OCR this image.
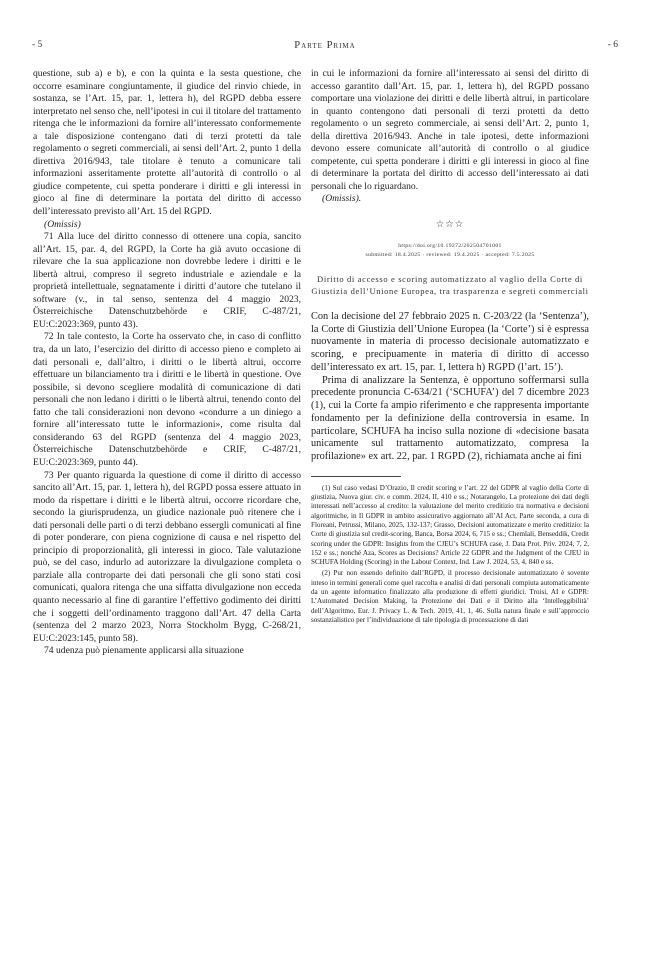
- 5	Parte Prima	- 6

questione, sub a) e b), e con la quinta e la sesta questione, che occorre esaminare congiuntamente, il giudice del rinvio chiede, in sostanza, se l’Art. 15, par. 1, lettera h), del RGPD debba essere interpretato nel senso che, nell’ipotesi in cui il titolare del trattamento ritenga che le informazioni da fornire all’interessato conformemente a tale disposizione contengano dati di terzi protetti da tale regolamento o segreti commerciali, ai sensi dell’Art. 2, punto 1 della direttiva 2016/943, tale titolare è tenuto a comunicare tali informazioni asseritamente protette all’autorità di controllo o al giudice competente, cui spetta ponderare i diritti e gli interessi in gioco al fine di determinare la portata del diritto di accesso dell’interessato previsto all’Art. 15 del RGPD.

(Omissis)

71 Alla luce del diritto connesso di ottenere una copia, sancito all’Art. 15, par. 4, del RGPD, la Corte ha già avuto occasione di rilevare che la sua applicazione non dovrebbe ledere i diritti e le libertà altrui, compreso il segreto industriale e aziendale e la proprietà intellettuale, segnatamente i diritti d’autore che tutelano il software (v., in tal senso, sentenza del 4 maggio 2023, Österreichische Datenschutzbehörde e CRIF, C-487/21, EU:C:2023:369, punto 43).

72 In tale contesto, la Corte ha osservato che, in caso di conflitto tra, da un lato, l’esercizio del diritto di accesso pieno e completo ai dati personali e, dall’altro, i diritti o le libertà altrui, occorre effettuare un bilanciamento tra i diritti e le libertà in questione. Ove possibile, si devono scegliere modalità di comunicazione di dati personali che non ledano i diritti o le libertà altrui, tenendo conto del fatto che tali considerazioni non devono «condurre a un diniego a fornire all’interessato tutte le informazioni», come risulta dal considerando 63 del RGPD (sentenza del 4 maggio 2023, Österreichische Datenschutzbehörde e CRIF, C-487/21, EU:C:2023:369, punto 44).

73 Per quanto riguarda la questione di come il diritto di accesso sancito all’Art. 15, par. 1, lettera h), del RGPD possa essere attuato in modo da rispettare i diritti e le libertà altrui, occorre ricordare che, secondo la giurisprudenza, un giudice nazionale può ritenere che i dati personali delle parti o di terzi debbano essergli comunicati al fine di poter ponderare, con piena cognizione di causa e nel rispetto del principio di proporzionalità, gli interessi in gioco. Tale valutazione può, se del caso, indurlo ad autorizzare la divulgazione completa o parziale alla controparte dei dati personali che gli sono stati così comunicati, qualora ritenga che una siffatta divulgazione non ecceda quanto necessario al fine di garantire l’effettivo godimento dei diritti che i soggetti dell’ordinamento traggono dall’Art. 47 della Carta (sentenza del 2 marzo 2023, Norra Stockholm Bygg, C-268/21, EU:C:2023:145, punto 58).

74 udenza può pienamente applicarsi alla situazione

in cui le informazioni da fornire all’interessato ai sensi del diritto di accesso garantito dall’Art. 15, par. 1, lettera h), del RGPD possano comportare una violazione dei diritti e delle libertà altrui, in particolare in quanto contengono dati personali di terzi protetti da detto regolamento o un segreto commerciale, ai sensi dell’Art. 2, punto 1, della direttiva 2016/943. Anche in tale ipotesi, dette informazioni devono essere comunicate all’autorità di controllo o al giudice competente, cui spetta ponderare i diritti e gli interessi in gioco al fine di determinare la portata del diritto di accesso dell’interessato ai dati personali che lo riguardano.

(Omissis).

☆☆☆
https://doi.org/10.19272/202504701001
submitted: 18.4.2025 · reviewed: 19.4.2025 · accepted: 7.5.2025
Diritto di accesso e scoring automatizzato al vaglio della Corte di Giustizia dell’Unione Europea, tra trasparenza e segreti commerciali

Con la decisione del 27 febbraio 2025 n. C-203/22 (la ‘Sentenza’), la Corte di Giustizia dell’Unione Europea (la ‘Corte’) si è espressa nuovamente in materia di processo decisionale automatizzato e scoring, e precipuamente in materia di diritto di accesso dell’interessato ex art. 15, par. 1, lettera h) RGPD (l’art. 15’).

Prima di analizzare la Sentenza, è opportuno soffermarsi sulla precedente pronuncia C-634/21 (‘SCHUFA’) del 7 dicembre 2023 (1), cui la Corte fa ampio riferimento e che rappresenta importante fondamento per la definizione della controversia in esame. In particolare, SCHUFA ha inciso sulla nozione di «decisione basata unicamente sul trattamento automatizzato, compresa la profilazione» ex art. 22, par. 1 RGPD (2), richiamata anche ai fini

(1) Sul caso vedasi D’Orazio, Il credit scoring e l’art. 22 del GDPR al vaglio della Corte di giustizia, Nuova giur. civ. e comm. 2024, II, 410 e ss.; Notarangelo, La protezione dei dati degli interessati nell’accesso al credito: la valutazione del merito creditizio tra normativa e decisioni algoritmiche, in Il GDPR in ambito assicurativo aggiornato all’AI Act, Parte seconda, a cura di Floreani, Petrussi, Milano, 2025, 132-137; Grasso, Decisioni automatizzate e merito creditizio: la Corte di giustizia sul credit-scoring, Banca, Borsa 2024, 6, 715 e ss.; Chemlali, Benseddik, Credit scoring under the GDPR: Insights from the CJEU’s SCHUFA case, J. Data Prot. Priv. 2024, 7, 2, 152 e ss.; nonché Aza, Scores as Decisions? Article 22 GDPR and the Judgment of the CJEU in SCHUFA Holding (Scoring) in the Labour Context, Ind. Law J. 2024, 53, 4, 840 e ss.

(2) Pur non essendo definito dall’RGPD, il processo decisionale automatizzato è sovente inteso in termini generali come quel raccolta e analisi di dati personali compiuta automaticamente da un agente informatico finalizzato alla produzione di effetti giuridici. Troisi, AI e GDPR: L’Automated Decision Making, la Protezione dei Dati e il Diritto alla ‘Intelleggibilità’ dell’Algoritmo, Eur. J. Privacy L. & Tech. 2019, 41, 1, 46. Sulla natura finale e sull’approccio sostanzialistico per l’individuazione di tale tipologia di processazione di dati
